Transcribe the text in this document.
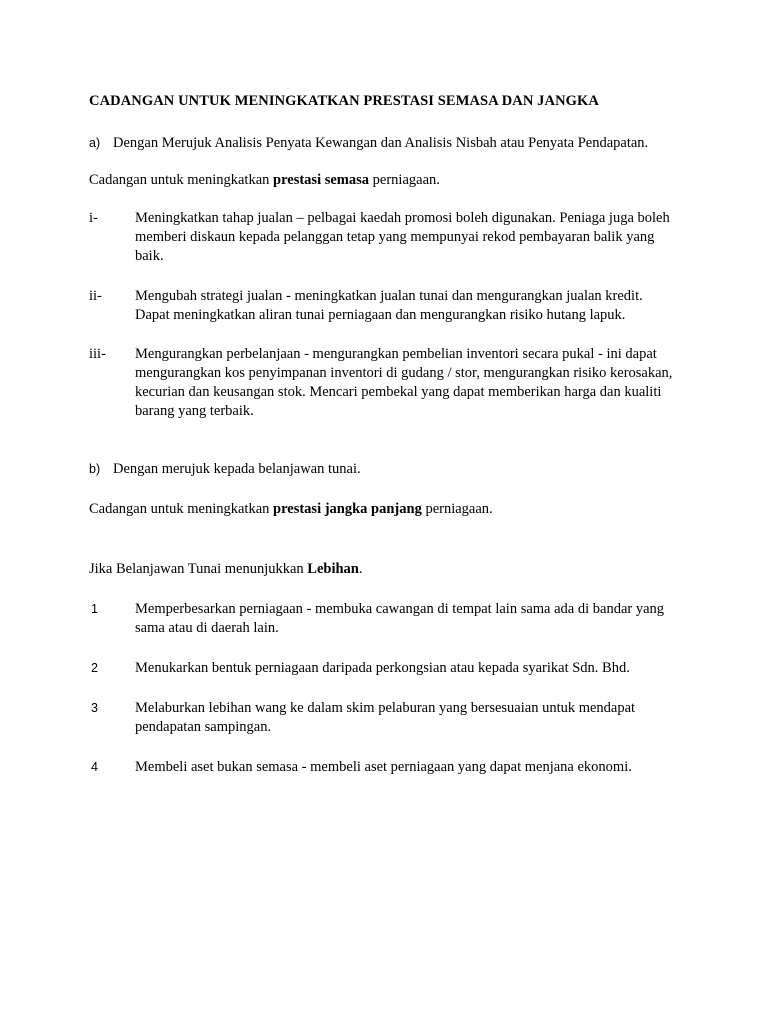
CADANGAN UNTUK MENINGKATKAN PRESTASI SEMASA DAN JANGKA
a) Dengan Merujuk Analisis Penyata Kewangan dan Analisis Nisbah atau Penyata Pendapatan.
Cadangan untuk meningkatkan prestasi semasa perniagaan.
i-	Meningkatkan tahap jualan – pelbagai kaedah promosi boleh digunakan. Peniaga juga boleh memberi diskaun kepada pelanggan tetap yang mempunyai rekod pembayaran balik yang baik.
ii- Mengubah strategi jualan - meningkatkan jualan tunai dan mengurangkan jualan kredit. Dapat meningkatkan aliran tunai perniagaan dan mengurangkan risiko hutang lapuk.
iii- Mengurangkan perbelanjaan - mengurangkan pembelian inventori secara pukal - ini dapat mengurangkan kos penyimpanan inventori di gudang / stor, mengurangkan risiko kerosakan, kecurian dan keusangan stok. Mencari pembekal yang dapat memberikan harga dan kualiti barang yang terbaik.
b) Dengan merujuk kepada belanjawan tunai.
Cadangan untuk meningkatkan prestasi jangka panjang perniagaan.
Jika Belanjawan Tunai menunjukkan Lebihan.
1	Memperbesarkan perniagaan - membuka cawangan di tempat lain sama ada di bandar yang sama atau di daerah lain.
2	Menukarkan bentuk perniagaan daripada perkongsian atau kepada syarikat Sdn. Bhd.
3	Melaburkan lebihan wang ke dalam skim pelaburan yang bersesuaian untuk mendapat pendapatan sampingan.
4	Membeli aset bukan semasa - membeli aset perniagaan yang dapat menjana ekonomi.
